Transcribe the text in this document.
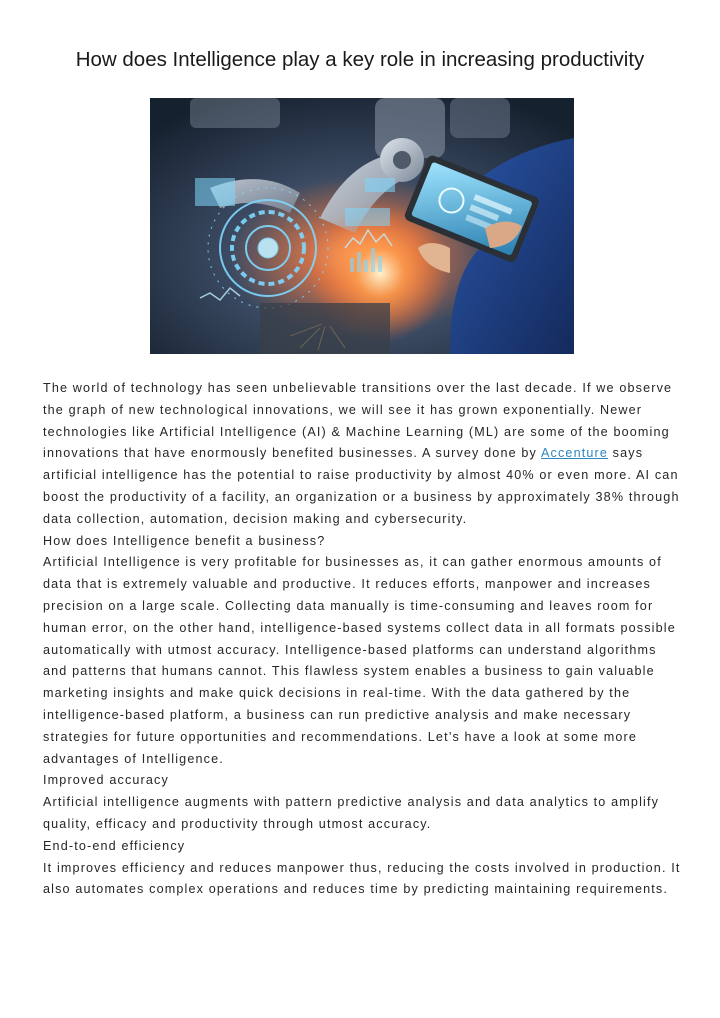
How does Intelligence play a key role in increasing productivity

The world of technology has seen unbelievable transitions over the last decade. If we observe the graph of new technological innovations, we will see it has grown exponentially. Newer technologies like Artificial Intelligence (AI) & Machine Learning (ML) are some of the booming innovations that have enormously benefited businesses. A survey done by Accenture says artificial intelligence has the potential to raise productivity by almost 40% or even more. AI can boost the productivity of a facility, an organization or a business by approximately 38% through data collection, automation, decision making and cybersecurity.

How does Intelligence benefit a business?

Artificial Intelligence is very profitable for businesses as, it can gather enormous amounts of data that is extremely valuable and productive. It reduces efforts, manpower and increases precision on a large scale. Collecting data manually is time-consuming and leaves room for human error, on the other hand, intelligence-based systems collect data in all formats possible automatically with utmost accuracy. Intelligence-based platforms can understand algorithms and patterns that humans cannot. This flawless system enables a business to gain valuable marketing insights and make quick decisions in real-time. With the data gathered by the intelligence-based platform, a business can run predictive analysis and make necessary strategies for future opportunities and recommendations. Let’s have a look at some more advantages of Intelligence.

Improved accuracy

Artificial intelligence augments with pattern predictive analysis and data analytics to amplify quality, efficacy and productivity through utmost accuracy.

End-to-end efficiency

It improves efficiency and reduces manpower thus, reducing the costs involved in production. It also automates complex operations and reduces time by predicting maintaining requirements.
